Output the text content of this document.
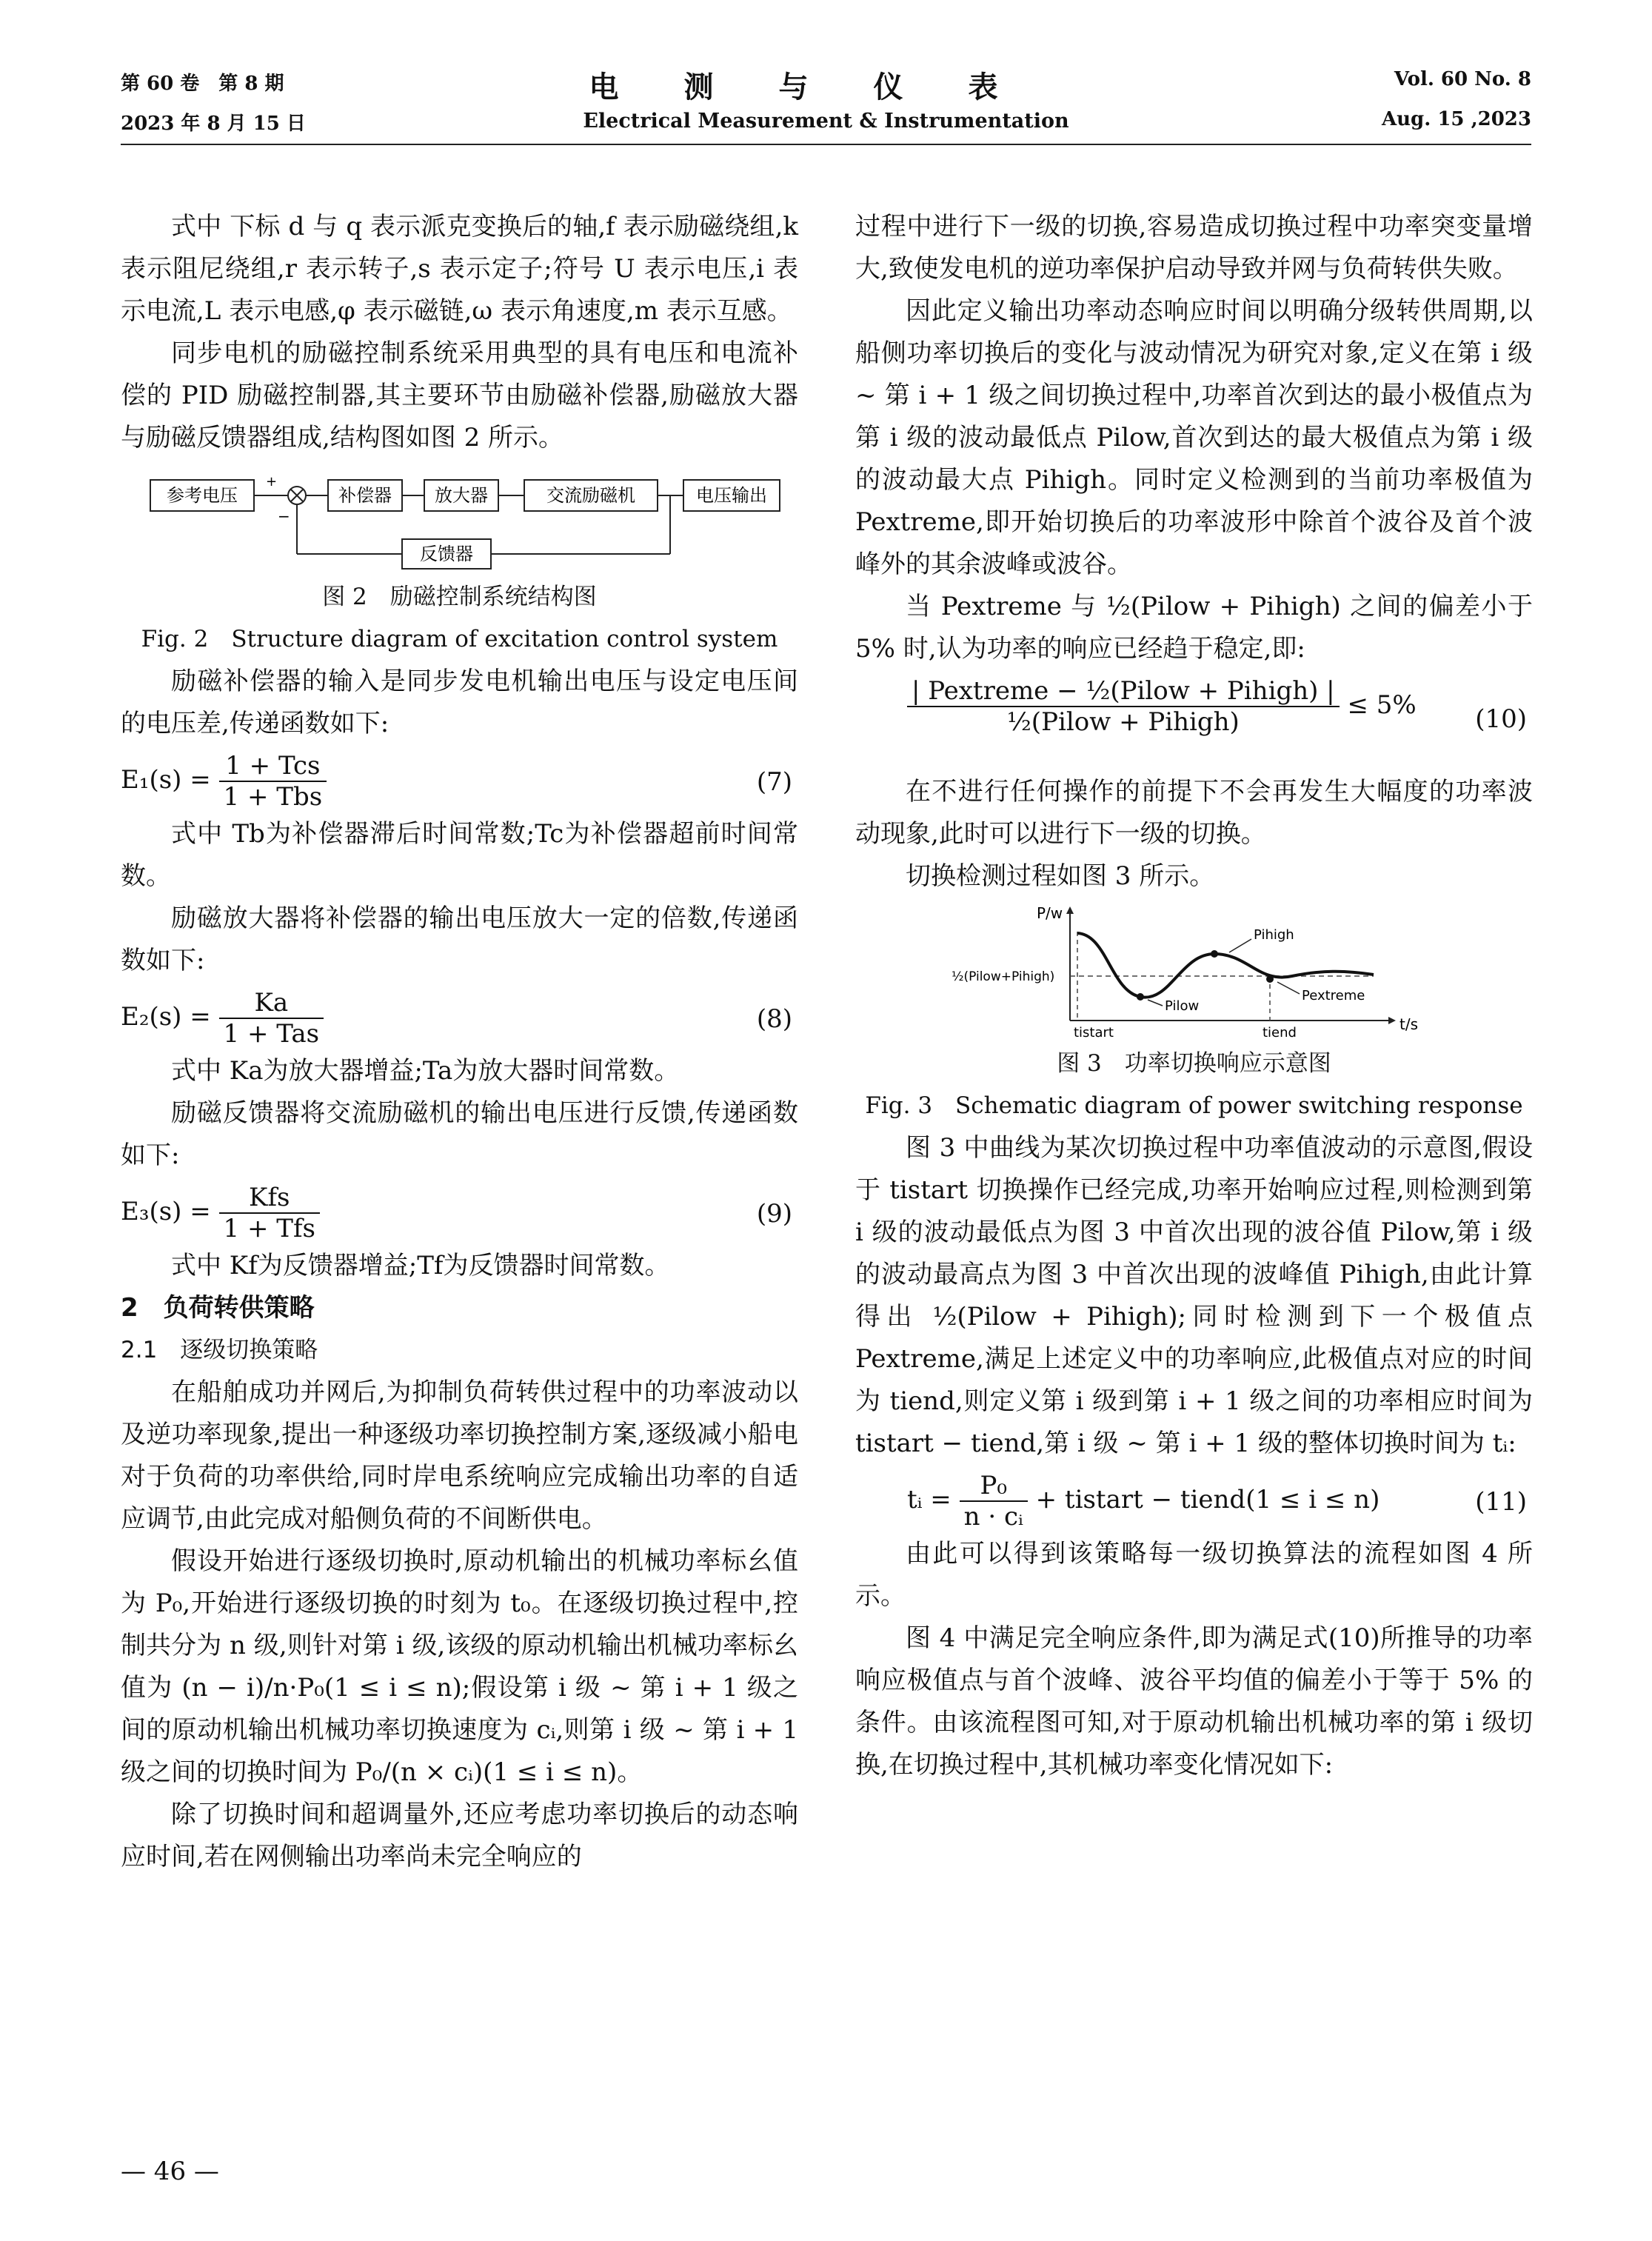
第 60 卷　第 8 期
2023 年 8 月 15 日
电测与仪表
Electrical Measurement & Instrumentation
Vol. 60 No. 8
Aug. 15 ,2023

式中 下标 d 与 q 表示派克变换后的轴,f 表示励磁绕组,k 表示阻尼绕组,r 表示转子,s 表示定子;符号 U 表示电压,i 表示电流,L 表示电感,φ 表示磁链,ω 表示角速度,m 表示互感。

同步电机的励磁控制系统采用典型的具有电压和电流补偿的 PID 励磁控制器,其主要环节由励磁补偿器,励磁放大器与励磁反馈器组成,结构图如图 2 所示。

参考电压
+
补偿器 放大器	交流励磁机	电压输出
反馈器
−

图 2　励磁控制系统结构图

Fig. 2　Structure diagram of excitation control system

励磁补偿器的输入是同步发电机输出电压与设定电压间的电压差,传递函数如下:

$E_1(s) = \frac{\text{1 + Tcs}}{\text{1 + Tbs}}$	(7)

式中 Tb为补偿器滞后时间常数;Tc为补偿器超前时间常数。

励磁放大器将补偿器的输出电压放大一定的倍数,传递函数如下:

$E_2(s) = \frac{Ka}{\text{1 + Tas}}$	(8)

式中 Ka为放大器增益;Ta为放大器时间常数。

励磁反馈器将交流励磁机的输出电压进行反馈,传递函数如下:

$E_3(s) = \frac{\text{Kfs}}{\text{1 + Tfs}}$	(9)

式中 Kf为反馈器增益;Tf为反馈器时间常数。

2　负荷转供策略

2.1　逐级切换策略

在船舶成功并网后,为抑制负荷转供过程中的功率波动以及逆功率现象,提出一种逐级功率切换控制方案,逐级减小船电对于负荷的功率供给,同时岸电系统响应完成输出功率的自适应调节,由此完成对船侧负荷的不间断供电。

假设开始进行逐级切换时,原动机输出的机械功率标幺值为 P₀,开始进行逐级切换的时刻为 t₀。在逐级切换过程中,控制共分为 n 级,则针对第 i 级,该级的原动机输出机械功率标幺值为 (n − i)/n·P₀(1 ≤ i ≤ n);假设第 i 级 ~ 第 i + 1 级之间的原动机输出机械功率切换速度为 cᵢ,则第 i 级 ~ 第 i + 1 级之间的切换时间为 P₀/(n × cᵢ)(1 ≤ i ≤ n)。

除了切换时间和超调量外,还应考虑功率切换后的动态响应时间,若在网侧输出功率尚未完全响应的

过程中进行下一级的切换,容易造成切换过程中功率突变量增大,致使发电机的逆功率保护启动导致并网与负荷转供失败。

因此定义输出功率动态响应时间以明确分级转供周期,以船侧功率切换后的变化与波动情况为研究对象,定义在第 i 级 ~ 第 i + 1 级之间切换过程中,功率首次到达的最小极值点为第 i 级的波动最低点 Pilow,首次到达的最大极值点为第 i 级的波动最大点 Pihigh。同时定义检测到的当前功率极值为 Pextreme,即开始切换后的功率波形中除首个波谷及首个波峰外的其余波峰或波谷。

当 Pextreme 与 ½(Pilow + Pihigh) 之间的偏差小于 5% 时,认为功率的响应已经趋于稳定,即:

$\frac{\text{| Pextreme − ½(Pilow + Pihigh) |}}{\text{½(Pilow + Pihigh)}} \le 5\%$ (10)

在不进行任何操作的前提下不会再发生大幅度的功率波动现象,此时可以进行下一级的切换。

切换检测过程如图 3 所示。

P/w
t/s
½(Pilow+Pihigh)
Pihigh
Pilow
Pextreme
tistart	tiend

图 3　功率切换响应示意图

Fig. 3　Schematic diagram of power switching response

图 3 中曲线为某次切换过程中功率值波动的示意图,假设于 tistart 切换操作已经完成,功率开始响应过程,则检测到第 i 级的波动最低点为图 3 中首次出现的波谷值 Pilow,第 i 级的波动最高点为图 3 中首次出现的波峰值 Pihigh,由此计算得出 ½(Pilow + Pihigh);同时检测到下一个极值点 Pextreme,满足上述定义中的功率响应,此极值点对应的时间为 tiend,则定义第 i 级到第 i + 1 级之间的功率相应时间为 tistart − tiend,第 i 级 ~ 第 i + 1 级的整体切换时间为 tᵢ:

tᵢ = $\frac{\text{P₀}}{\text{n · cᵢ}}$ + tistart − tiend(1 ≤ i ≤ n)	(11)

由此可以得到该策略每一级切换算法的流程如图 4 所示。

图 4 中满足完全响应条件,即为满足式(10)所推导的功率响应极值点与首个波峰、波谷平均值的偏差小于等于 5% 的条件。由该流程图可知,对于原动机输出机械功率的第 i 级切换,在切换过程中,其机械功率变化情况如下:

— 46 —
